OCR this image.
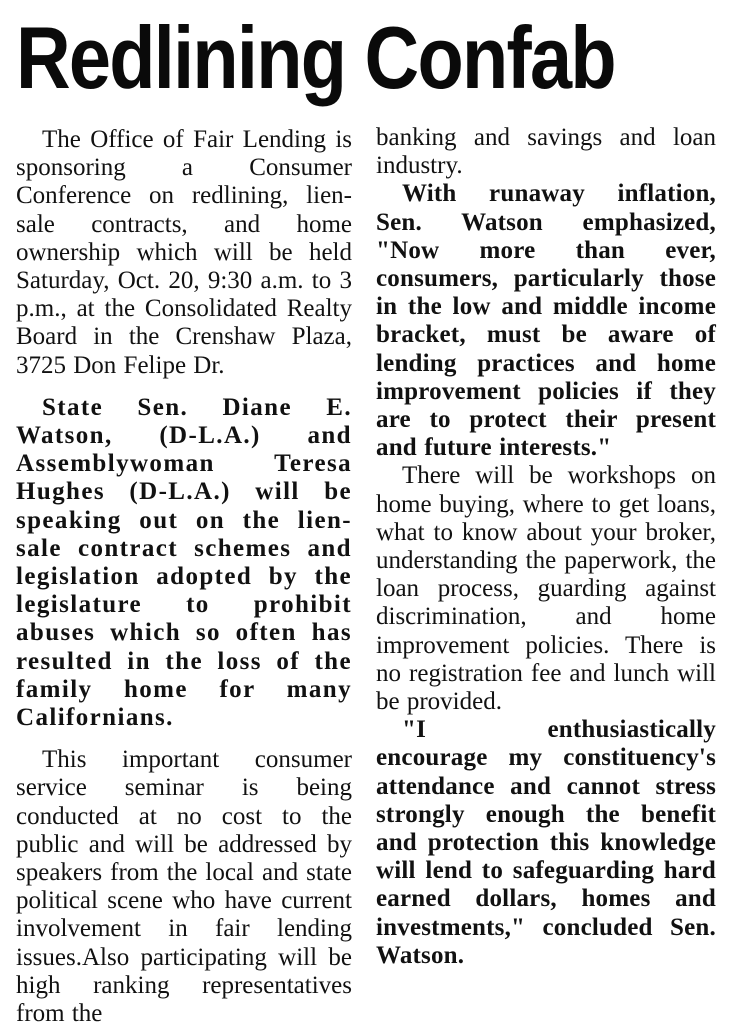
Redlining Confab

The Office of Fair Lending is sponsoring a Consumer Conference on redlining, lien-sale contracts, and home ownership which will be held Saturday, Oct. 20, 9:30 a.m. to 3 p.m., at the Consolidated Realty Board in the Crenshaw Plaza, 3725 Don Felipe Dr.

State Sen. Diane E. Watson, (D-L.A.) and Assemblywoman Teresa Hughes (D-L.A.) will be speaking out on the lien-sale contract schemes and legislation adopted by the legislature to prohibit abuses which so often has resulted in the loss of the family home for many Californians.

This important consumer service seminar is being conducted at no cost to the public and will be addressed by speakers from the local and state political scene who have current involvement in fair lending issues.Also participating will be high ranking representatives from the

banking and savings and loan industry.

With runaway inflation, Sen. Watson emphasized, "Now more than ever, consumers, particularly those in the low and middle income bracket, must be aware of lending practices and home improvement policies if they are to protect their present and future interests."

There will be workshops on home buying, where to get loans, what to know about your broker, understanding the paperwork, the loan process, guarding against discrimination, and home improvement policies. There is no registration fee and lunch will be provided.

"I enthusiastically encourage my constituency's attendance and cannot stress strongly enough the benefit and protection this knowledge will lend to safeguarding hard earned dollars, homes and investments," concluded Sen. Watson.
